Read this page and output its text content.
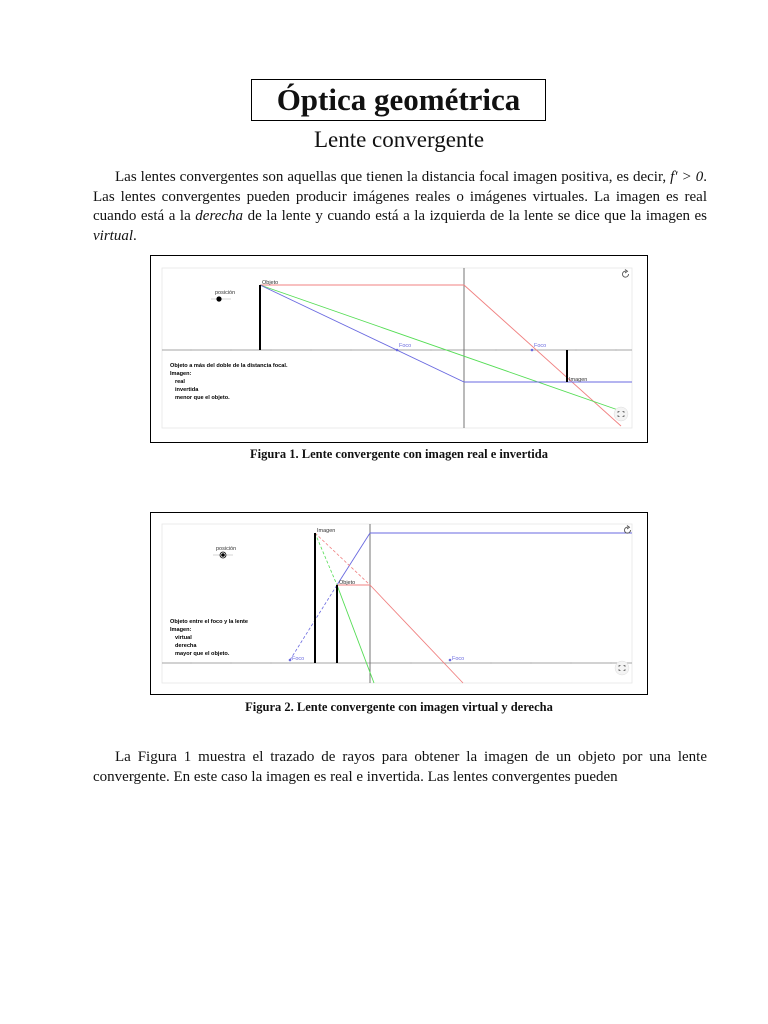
Óptica geométrica
Lente convergente

Las lentes convergentes son aquellas que tienen la distancia focal imagen positiva, es decir, f′ > 0. Las lentes convergentes pueden producir imágenes reales o imágenes virtuales. La imagen es real cuando está a la derecha de la lente y cuando está a la izquierda de la lente se dice que la imagen es virtual.

posición
Objeto
Imagen
Foco	Foco
Objeto a más del doble de la distancia focal.
Imagen:
real
invertida
menor que el objeto.
Figura 1. Lente convergente con imagen real e invertida
posición
Imagen
Objeto
Foco	Foco
Objeto entre el foco y la lente
Imagen:
virtual
derecha
mayor que el objeto.
Figura 2. Lente convergente con imagen virtual y derecha

La Figura 1 muestra el trazado de rayos para obtener la imagen de un objeto por una lente convergente. En este caso la imagen es real e invertida. Las lentes convergentes pueden
